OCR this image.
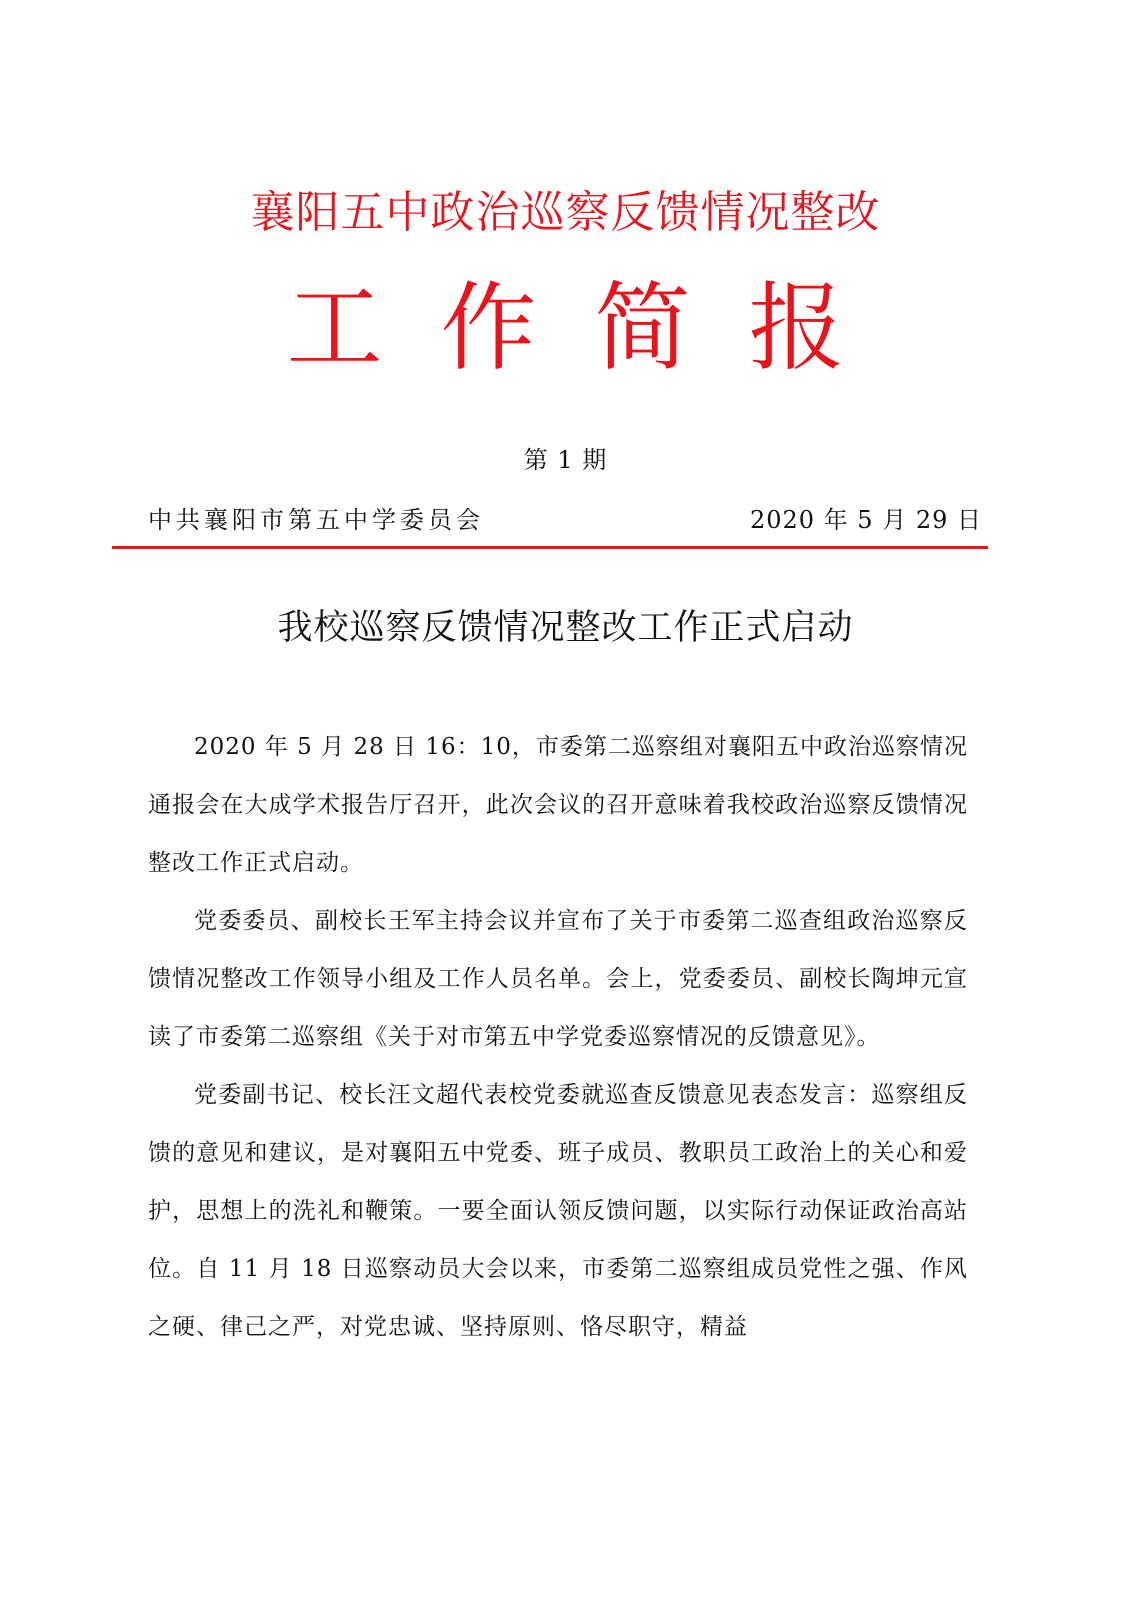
襄阳五中政治巡察反馈情况整改
工作简报
第 1 期
中共襄阳市第五中学委员会	2020 年 5 月 29 日
我校巡察反馈情况整改工作正式启动

2020 年 5 月 28 日 16：10，市委第二巡察组对襄阳五中政治巡察情况通报会在大成学术报告厅召开，此次会议的召开意味着我校政治巡察反馈情况整改工作正式启动。

党委委员、副校长王军主持会议并宣布了关于市委第二巡查组政治巡察反馈情况整改工作领导小组及工作人员名单。会上，党委委员、副校长陶坤元宣读了市委第二巡察组《关于对市第五中学党委巡察情况的反馈意见》。

党委副书记、校长汪文超代表校党委就巡查反馈意见表态发言：巡察组反馈的意见和建议，是对襄阳五中党委、班子成员、教职员工政治上的关心和爱护，思想上的洗礼和鞭策。一要全面认领反馈问题，以实际行动保证政治高站位。自 11 月 18 日巡察动员大会以来，市委第二巡察组成员党性之强、作风之硬、律己之严，对党忠诚、坚持原则、恪尽职守，精益
